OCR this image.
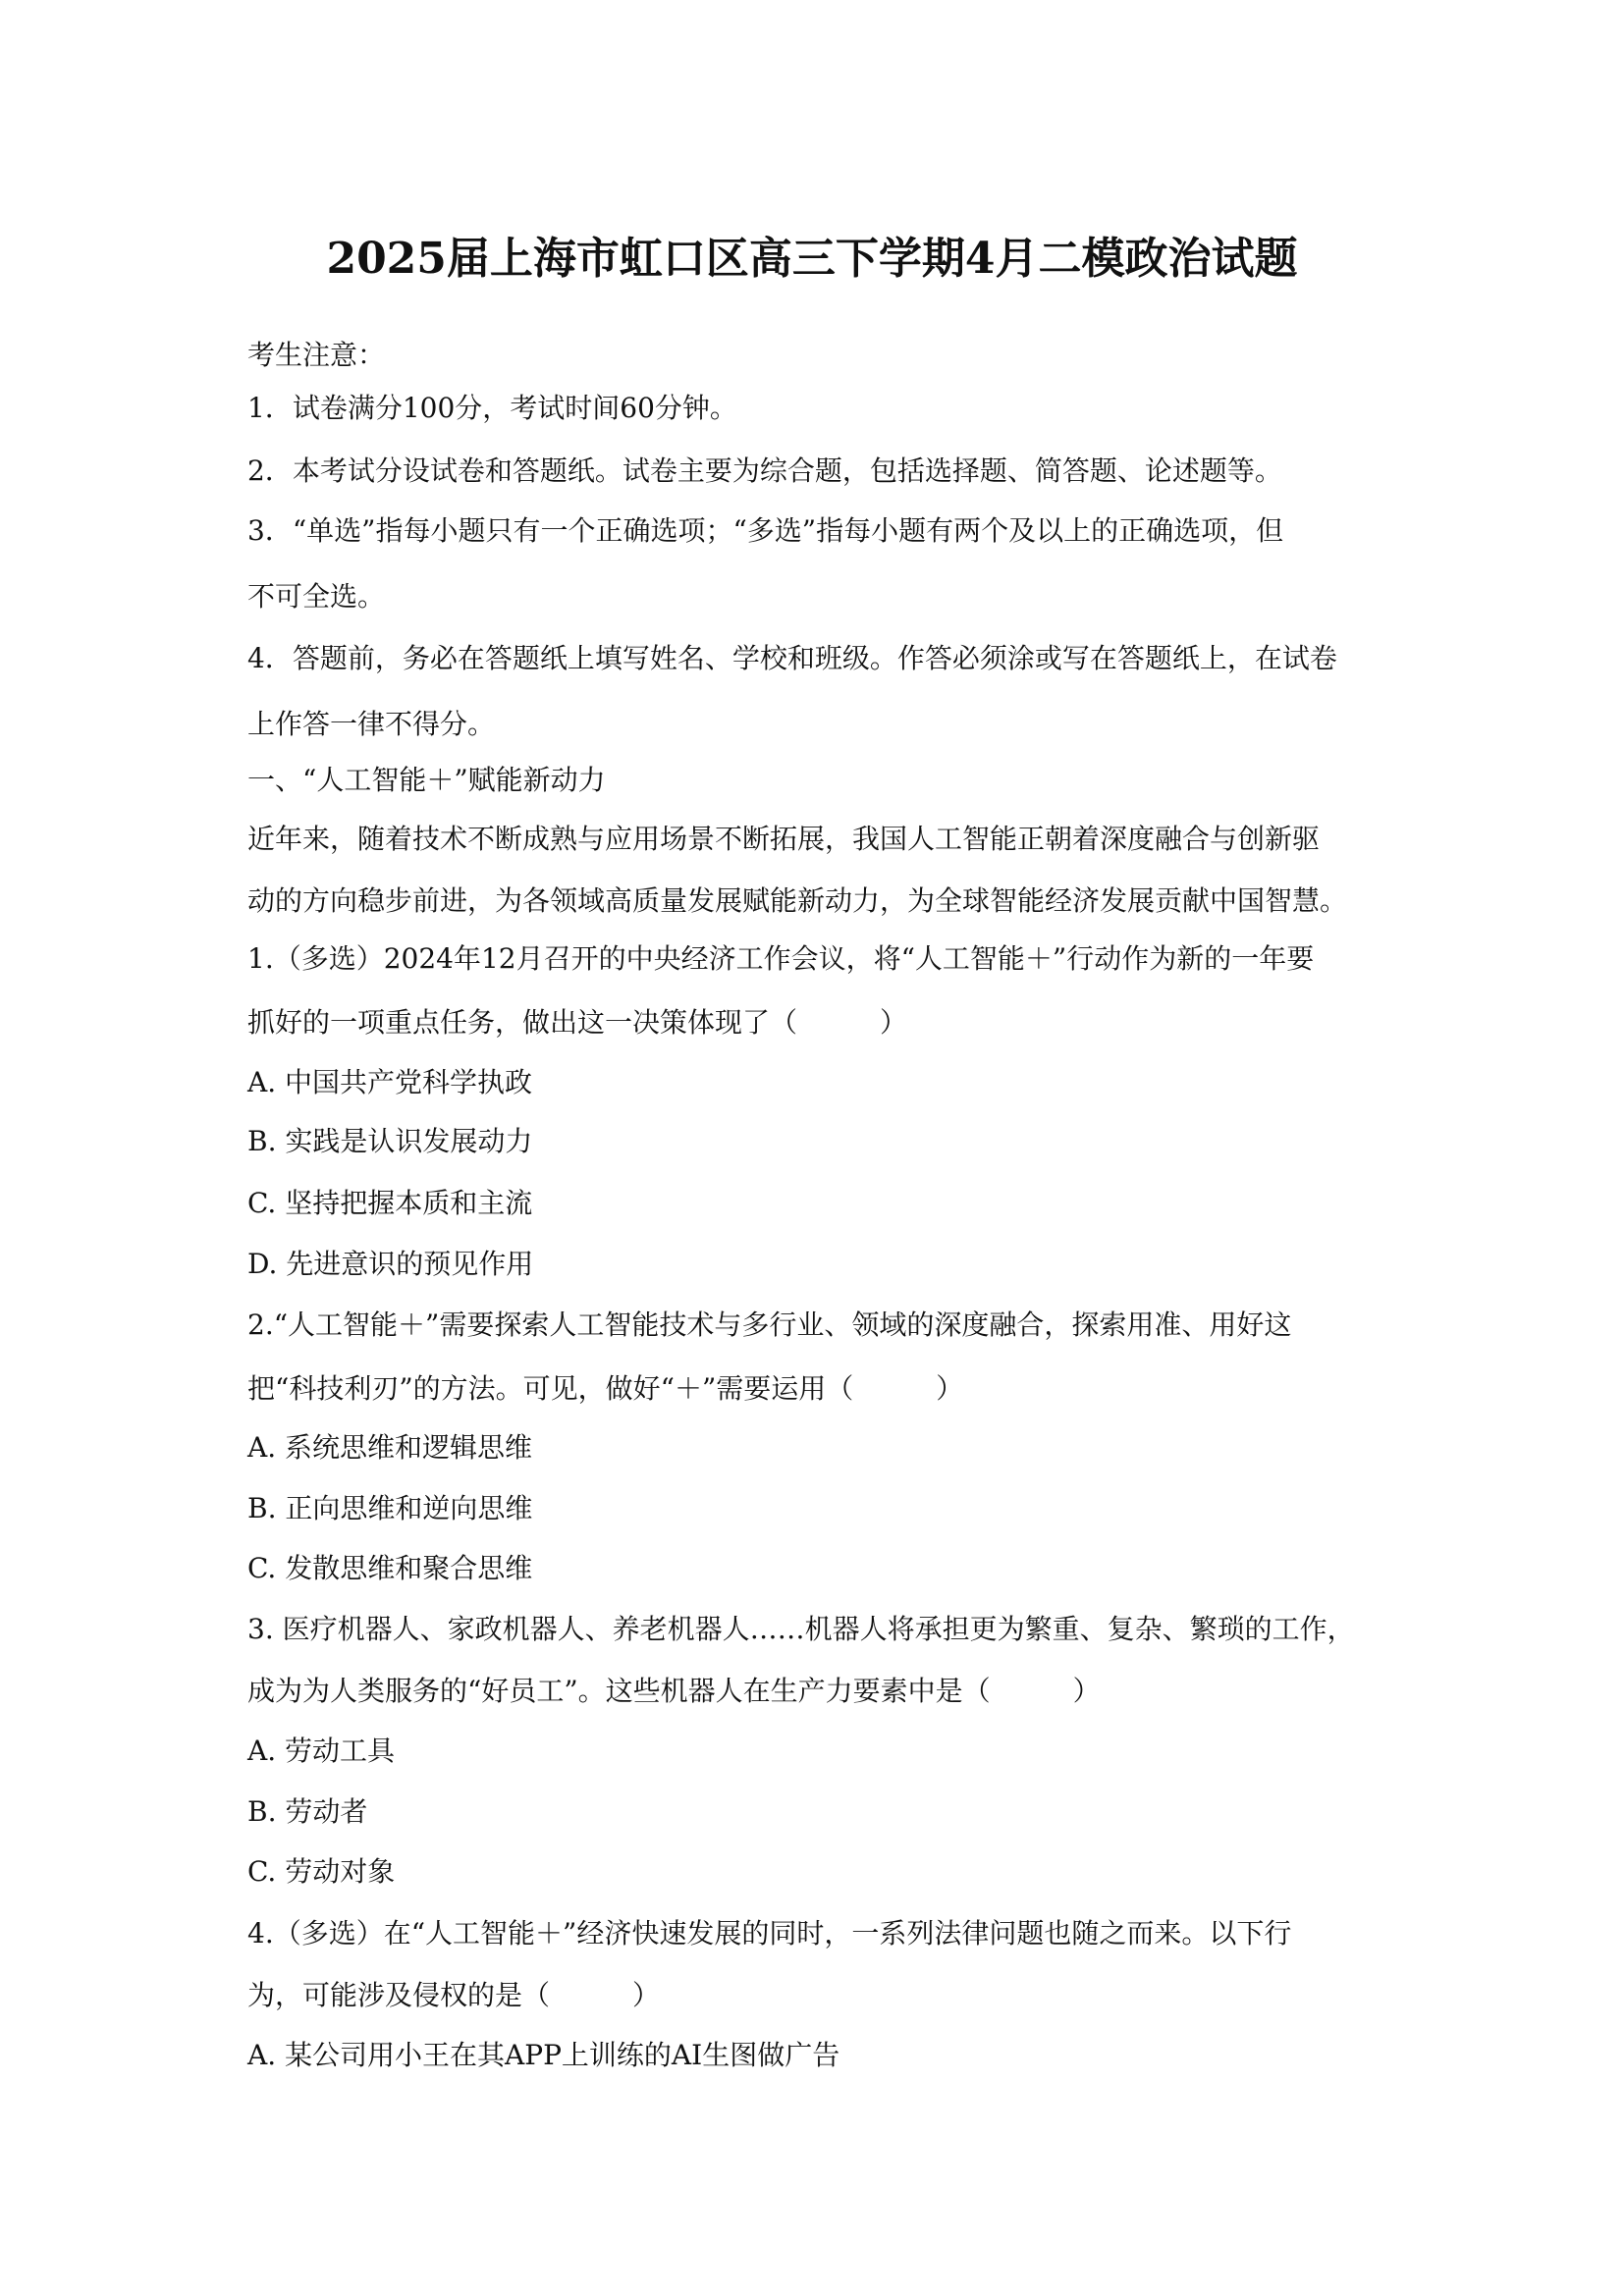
2025届上海市虹口区高三下学期4月二模政治试题

考生注意：

1．试卷满分100分，考试时间60分钟。

2．本考试分设试卷和答题纸。试卷主要为综合题，包括选择题、简答题、论述题等。

3．“单选”指每小题只有一个正确选项；“多选”指每小题有两个及以上的正确选项，但

不可全选。

4．答题前，务必在答题纸上填写姓名、学校和班级。作答必须涂或写在答题纸上，在试卷

上作答一律不得分。

一、“人工智能＋”赋能新动力

近年来，随着技术不断成熟与应用场景不断拓展，我国人工智能正朝着深度融合与创新驱

动的方向稳步前进，为各领域高质量发展赋能新动力，为全球智能经济发展贡献中国智慧。

1.（多选）2024年12月召开的中央经济工作会议，将“人工智能＋”行动作为新的一年要

抓好的一项重点任务，做出这一决策体现了（　　　）

A. 中国共产党科学执政

B. 实践是认识发展动力

C. 坚持把握本质和主流

D. 先进意识的预见作用

2.“人工智能＋”需要探索人工智能技术与多行业、领域的深度融合，探索用准、用好这

把“科技利刃”的方法。可见，做好“＋”需要运用（　　　）

A. 系统思维和逻辑思维

B. 正向思维和逆向思维

C. 发散思维和聚合思维

3. 医疗机器人、家政机器人、养老机器人……机器人将承担更为繁重、复杂、繁琐的工作，

成为为人类服务的“好员工”。这些机器人在生产力要素中是（　　　）

A. 劳动工具

B. 劳动者

C. 劳动对象

4.（多选）在“人工智能＋”经济快速发展的同时，一系列法律问题也随之而来。以下行

为，可能涉及侵权的是（　　　）

A. 某公司用小王在其APP上训练的AI生图做广告
